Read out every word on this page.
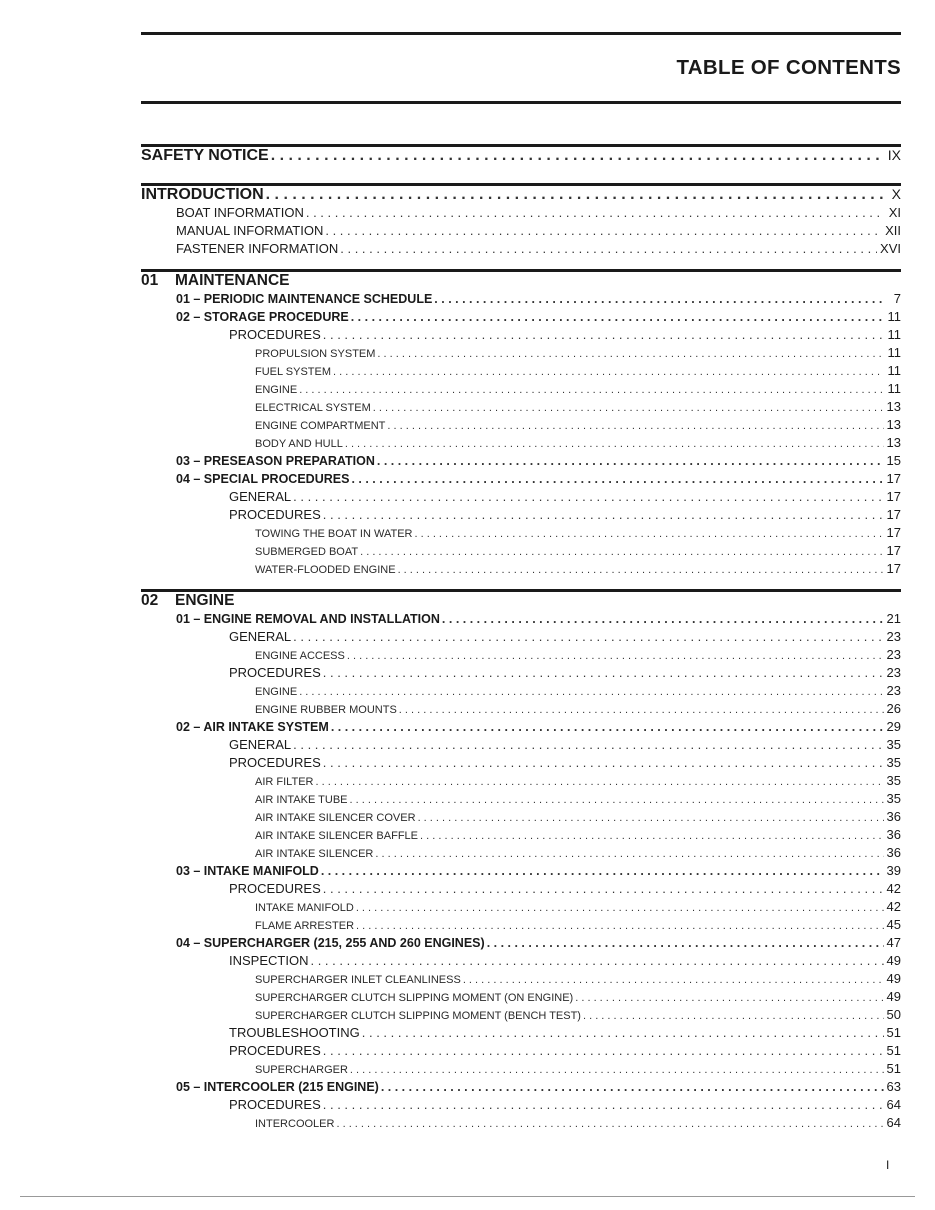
TABLE OF CONTENTS
SAFETY NOTICE . . .	IX
INTRODUCTION . . .	X
BOAT INFORMATION . . .	XI
MANUAL INFORMATION . . .	XII
FASTENER INFORMATION . . .	XVI
01 MAINTENANCE
01 – PERIODIC MAINTENANCE SCHEDULE . . .	7
02 – STORAGE PROCEDURE . . .	11
PROCEDURES . . .	11
PROPULSION SYSTEM . . .	11
FUEL SYSTEM . . .	11
ENGINE . . .	11
ELECTRICAL SYSTEM . . .	13
ENGINE COMPARTMENT . . .	13
BODY AND HULL . . .	13
03 – PRESEASON PREPARATION . . .	15
04 – SPECIAL PROCEDURES . . .	17
GENERAL . . .	17
PROCEDURES . . .	17
TOWING THE BOAT IN WATER . . .	17
SUBMERGED BOAT . . .	17
WATER-FLOODED ENGINE . . .	17
02 ENGINE
01 – ENGINE REMOVAL AND INSTALLATION . . .	21
GENERAL . . .	23
ENGINE ACCESS . . .	23
PROCEDURES . . .	23
ENGINE . . .	23
ENGINE RUBBER MOUNTS . . .	26
02 – AIR INTAKE SYSTEM . . .	29
GENERAL . . .	35
PROCEDURES . . .	35
AIR FILTER . . .	35
AIR INTAKE TUBE . . .	35
AIR INTAKE SILENCER COVER . . .	36
AIR INTAKE SILENCER BAFFLE . . .	36
AIR INTAKE SILENCER . . .	36
03 – INTAKE MANIFOLD . . .	39
PROCEDURES . . .	42
INTAKE MANIFOLD . . .	42
FLAME ARRESTER . . .	45
04 – SUPERCHARGER (215, 255 AND 260 ENGINES) . . .	47
INSPECTION . . .	49
SUPERCHARGER INLET CLEANLINESS . . .	49
SUPERCHARGER CLUTCH SLIPPING MOMENT (ON ENGINE) . . .	49
SUPERCHARGER CLUTCH SLIPPING MOMENT (BENCH TEST) . . .	50
TROUBLESHOOTING . . .	51
PROCEDURES . . .	51
SUPERCHARGER . . .	51
05 – INTERCOOLER (215 ENGINE) . . .	63
PROCEDURES . . .	64
INTERCOOLER . . .	64
I
